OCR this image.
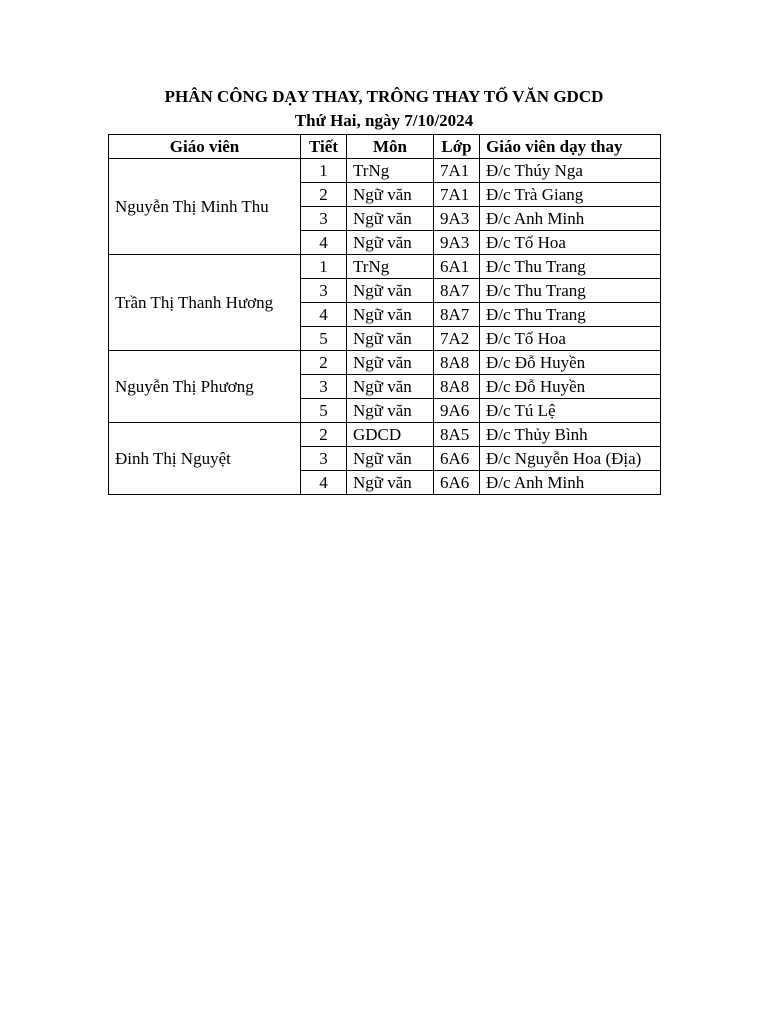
PHÂN CÔNG DẠY THAY, TRÔNG THAY TỐ VĂN GDCD
Thứ Hai, ngày 7/10/2024
Giáo viên	Tiết	Môn	Lớp	Giáo viên dạy thay
Nguyễn Thị Minh Thu	1	TrNg	7A1	Đ/c Thúy Nga
	2	Ngữ văn	7A1	Đ/c Trà Giang
	3	Ngữ văn	9A3	Đ/c Anh Minh
	4	Ngữ văn	9A3	Đ/c Tố Hoa
Trần Thị Thanh Hương	1	TrNg	6A1	Đ/c Thu Trang
	3	Ngữ văn	8A7	Đ/c Thu Trang
	4	Ngữ văn	8A7	Đ/c Thu Trang
	5	Ngữ văn	7A2	Đ/c Tố Hoa
Nguyễn Thị Phương	2	Ngữ văn	8A8	Đ/c Đỗ Huyền
	3	Ngữ văn	8A8	Đ/c Đỗ Huyền
	5	Ngữ văn	9A6	Đ/c Tú Lệ
Đinh Thị Nguyệt	2	GDCD	8A5	Đ/c Thủy Bình
	3	Ngữ văn	6A6	Đ/c Nguyễn Hoa (Địa)
	4	Ngữ văn	6A6	Đ/c Anh Minh
